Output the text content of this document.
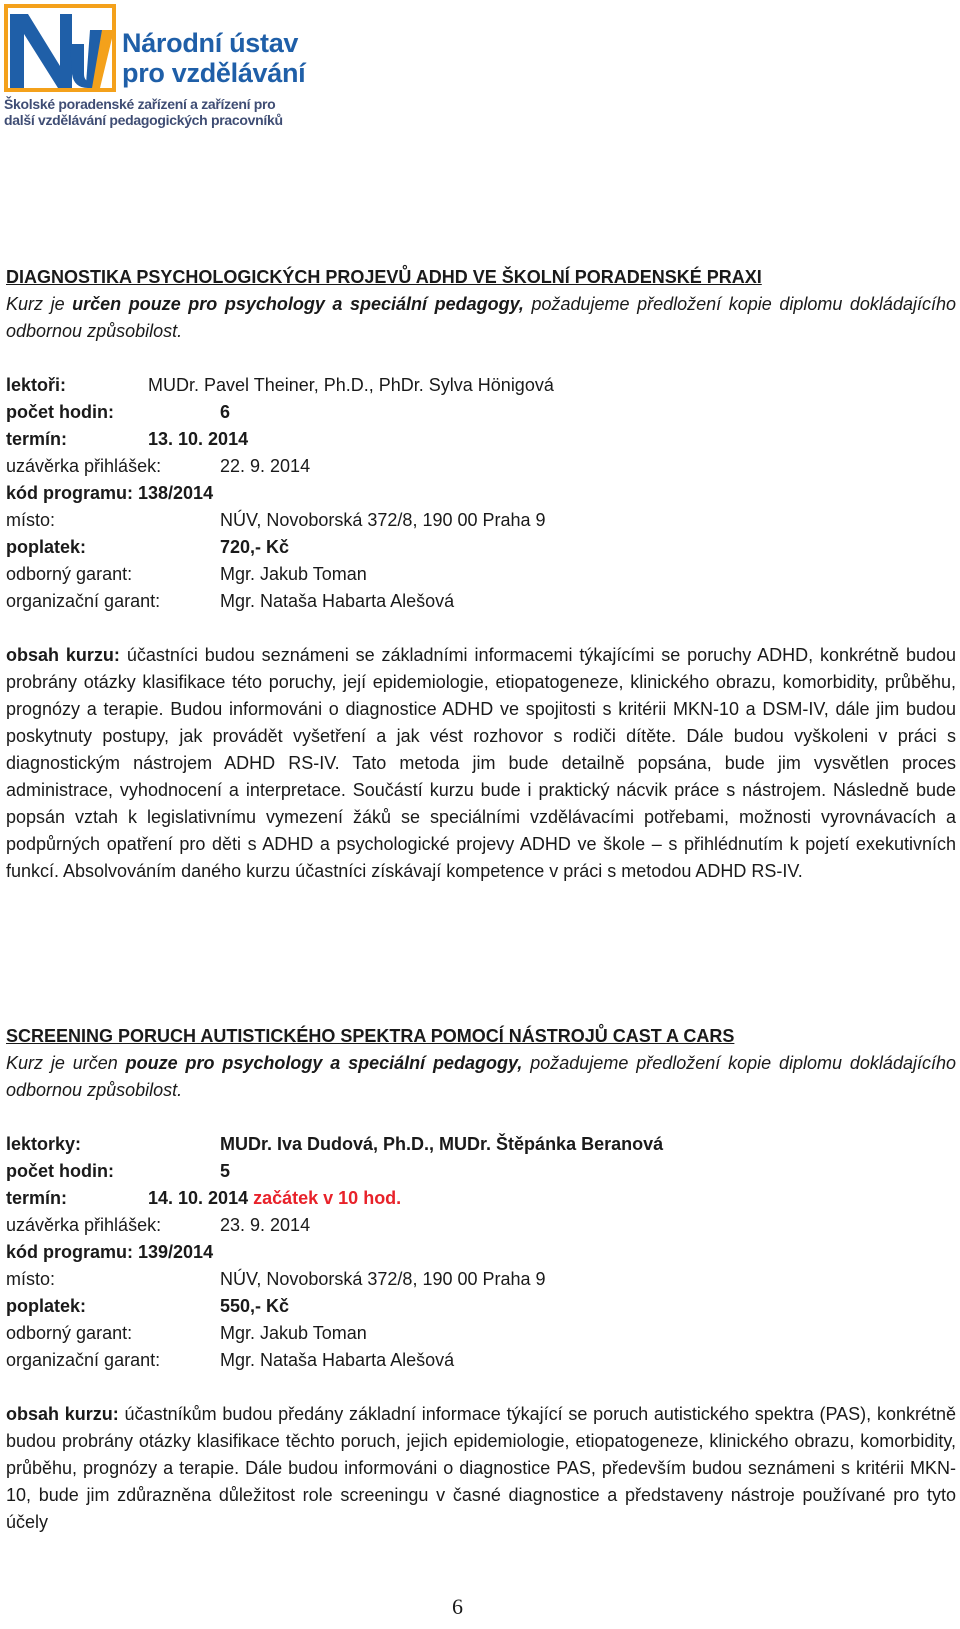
Národní ústav
pro vzdělávání
Školské poradenské zařízení a zařízení pro
další vzdělávání pedagogických pracovníků
DIAGNOSTIKA PSYCHOLOGICKÝCH PROJEVŮ ADHD VE ŠKOLNÍ PORADENSKÉ PRAXI
Kurz je určen pouze pro psychology a speciální pedagogy, požadujeme předložení kopie diplomu dokládajícího odbornou způsobilost.
lektoři:	MUDr. Pavel Theiner, Ph.D., PhDr. Sylva Hönigová
počet hodin:	6
termín:	13. 10. 2014
uzávěrka přihlášek:	22. 9. 2014
kód programu: 138/2014
místo:	NÚV, Novoborská 372/8, 190 00 Praha 9
poplatek:	720,- Kč
odborný garant:	Mgr. Jakub Toman
organizační garant:	Mgr. Nataša Habarta Alešová
obsah kurzu: účastníci budou seznámeni se základními informacemi týkajícími se poruchy ADHD, konkrétně budou probrány otázky klasifikace této poruchy, její epidemiologie, etiopatogeneze, klinického obrazu, komorbidity, průběhu, prognózy a terapie. Budou informováni o diagnostice ADHD ve spojitosti s kritérii MKN-10 a DSM-IV, dále jim budou poskytnuty postupy, jak provádět vyšetření a jak vést rozhovor s rodiči dítěte. Dále budou vyškoleni v práci s diagnostickým nástrojem ADHD RS-IV. Tato metoda jim bude detailně popsána, bude jim vysvětlen proces administrace, vyhodnocení a interpretace. Součástí kurzu bude i praktický nácvik práce s nástrojem. Následně bude popsán vztah k legislativnímu vymezení žáků se speciálními vzdělávacími potřebami, možnosti vyrovnávacích a podpůrných opatření pro děti s ADHD a psychologické projevy ADHD ve škole – s přihlédnutím k pojetí exekutivních funkcí. Absolvováním daného kurzu účastníci získávají kompetence v práci s metodou ADHD RS-IV.
SCREENING PORUCH AUTISTICKÉHO SPEKTRA POMOCÍ NÁSTROJŮ CAST A CARS
Kurz je určen pouze pro psychology a speciální pedagogy, požadujeme předložení kopie diplomu dokládajícího odbornou způsobilost.
lektorky:	MUDr. Iva Dudová, Ph.D., MUDr. Štěpánka Beranová
počet hodin:	5
termín:	14. 10. 2014 začátek v 10 hod.
uzávěrka přihlášek:	23. 9. 2014
kód programu: 139/2014
místo:	NÚV, Novoborská 372/8, 190 00 Praha 9
poplatek:	550,- Kč
odborný garant:	Mgr. Jakub Toman
organizační garant:	Mgr. Nataša Habarta Alešová
obsah kurzu: účastníkům budou předány základní informace týkající se poruch autistického spektra (PAS), konkrétně budou probrány otázky klasifikace těchto poruch, jejich epidemiologie, etiopatogeneze, klinického obrazu, komorbidity, průběhu, prognózy a terapie. Dále budou informováni o diagnostice PAS, především budou seznámeni s kritérii MKN-10, bude jim zdůrazněna důležitost role screeningu v časné diagnostice a představeny nástroje používané pro tyto účely
6
